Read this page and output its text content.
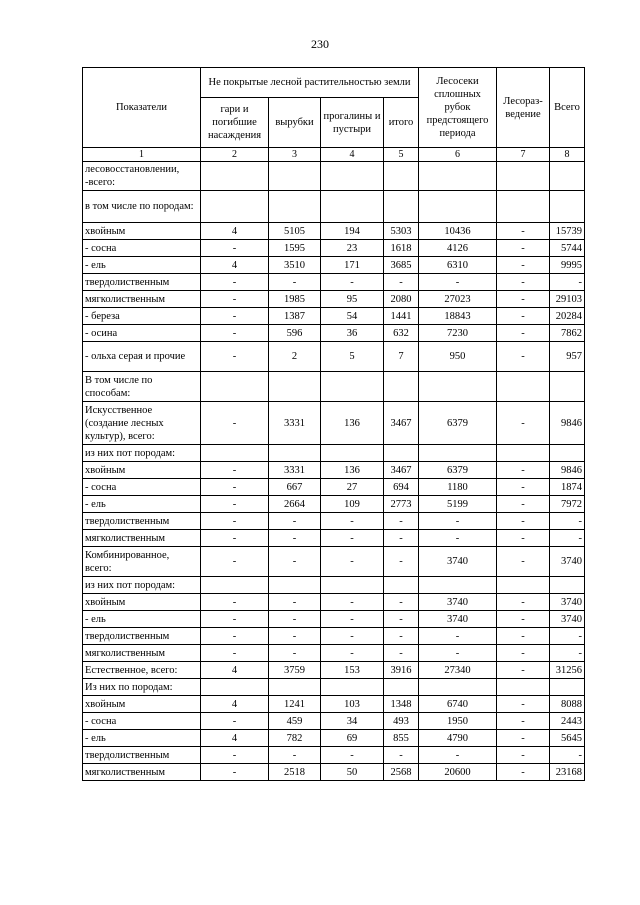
230
Показатели	Не покрытые лесной растительностью земли				Лесосеки сплошных рубок предстоящего периода	Лесораз-ведение	Всего
	гари и погибшие насаждения	вырубки	прогалины и пустыри	итого			
1	2	3	4	5	6	7	8
лесовосстановлении, -всего:							
в том числе по породам:							
хвойным	4	5105	194	5303	10436	-	15739
- сосна	-	1595	23	1618	4126	-	5744
- ель	4	3510	171	3685	6310	-	9995
твердолиственным	-	-	-	-	-	-	-
мягколиственным	-	1985	95	2080	27023	-	29103
- береза	-	1387	54	1441	18843	-	20284
- осина	-	596	36	632	7230	-	7862
- ольха серая и прочие	-	2	5	7	950	-	957
В том числе по способам:							
Искусственное (создание лесных культур), всего:	-	3331	136	3467	6379	-	9846
из них пот породам:							
хвойным	-	3331	136	3467	6379	-	9846
- сосна	-	667	27	694	1180	-	1874
- ель	-	2664	109	2773	5199	-	7972
твердолиственным	-	-	-	-	-	-	-
мягколиственным	-	-	-	-	-	-	-
Комбинированное, всего:	-	-	-	-	3740	-	3740
из них пот породам:							
хвойным	-	-	-	-	3740	-	3740
- ель	-	-	-	-	3740	-	3740
твердолиственным	-	-	-	-	-	-	-
мягколиственным	-	-	-	-	-	-	-
Естественное, всего:	4	3759	153	3916	27340	-	31256
Из них по породам:							
хвойным	4	1241	103	1348	6740	-	8088
- сосна	-	459	34	493	1950	-	2443
- ель	4	782	69	855	4790	-	5645
твердолиственным	-	-	-	-	-	-	-
мягколиственным	-	2518	50	2568	20600	-	23168
